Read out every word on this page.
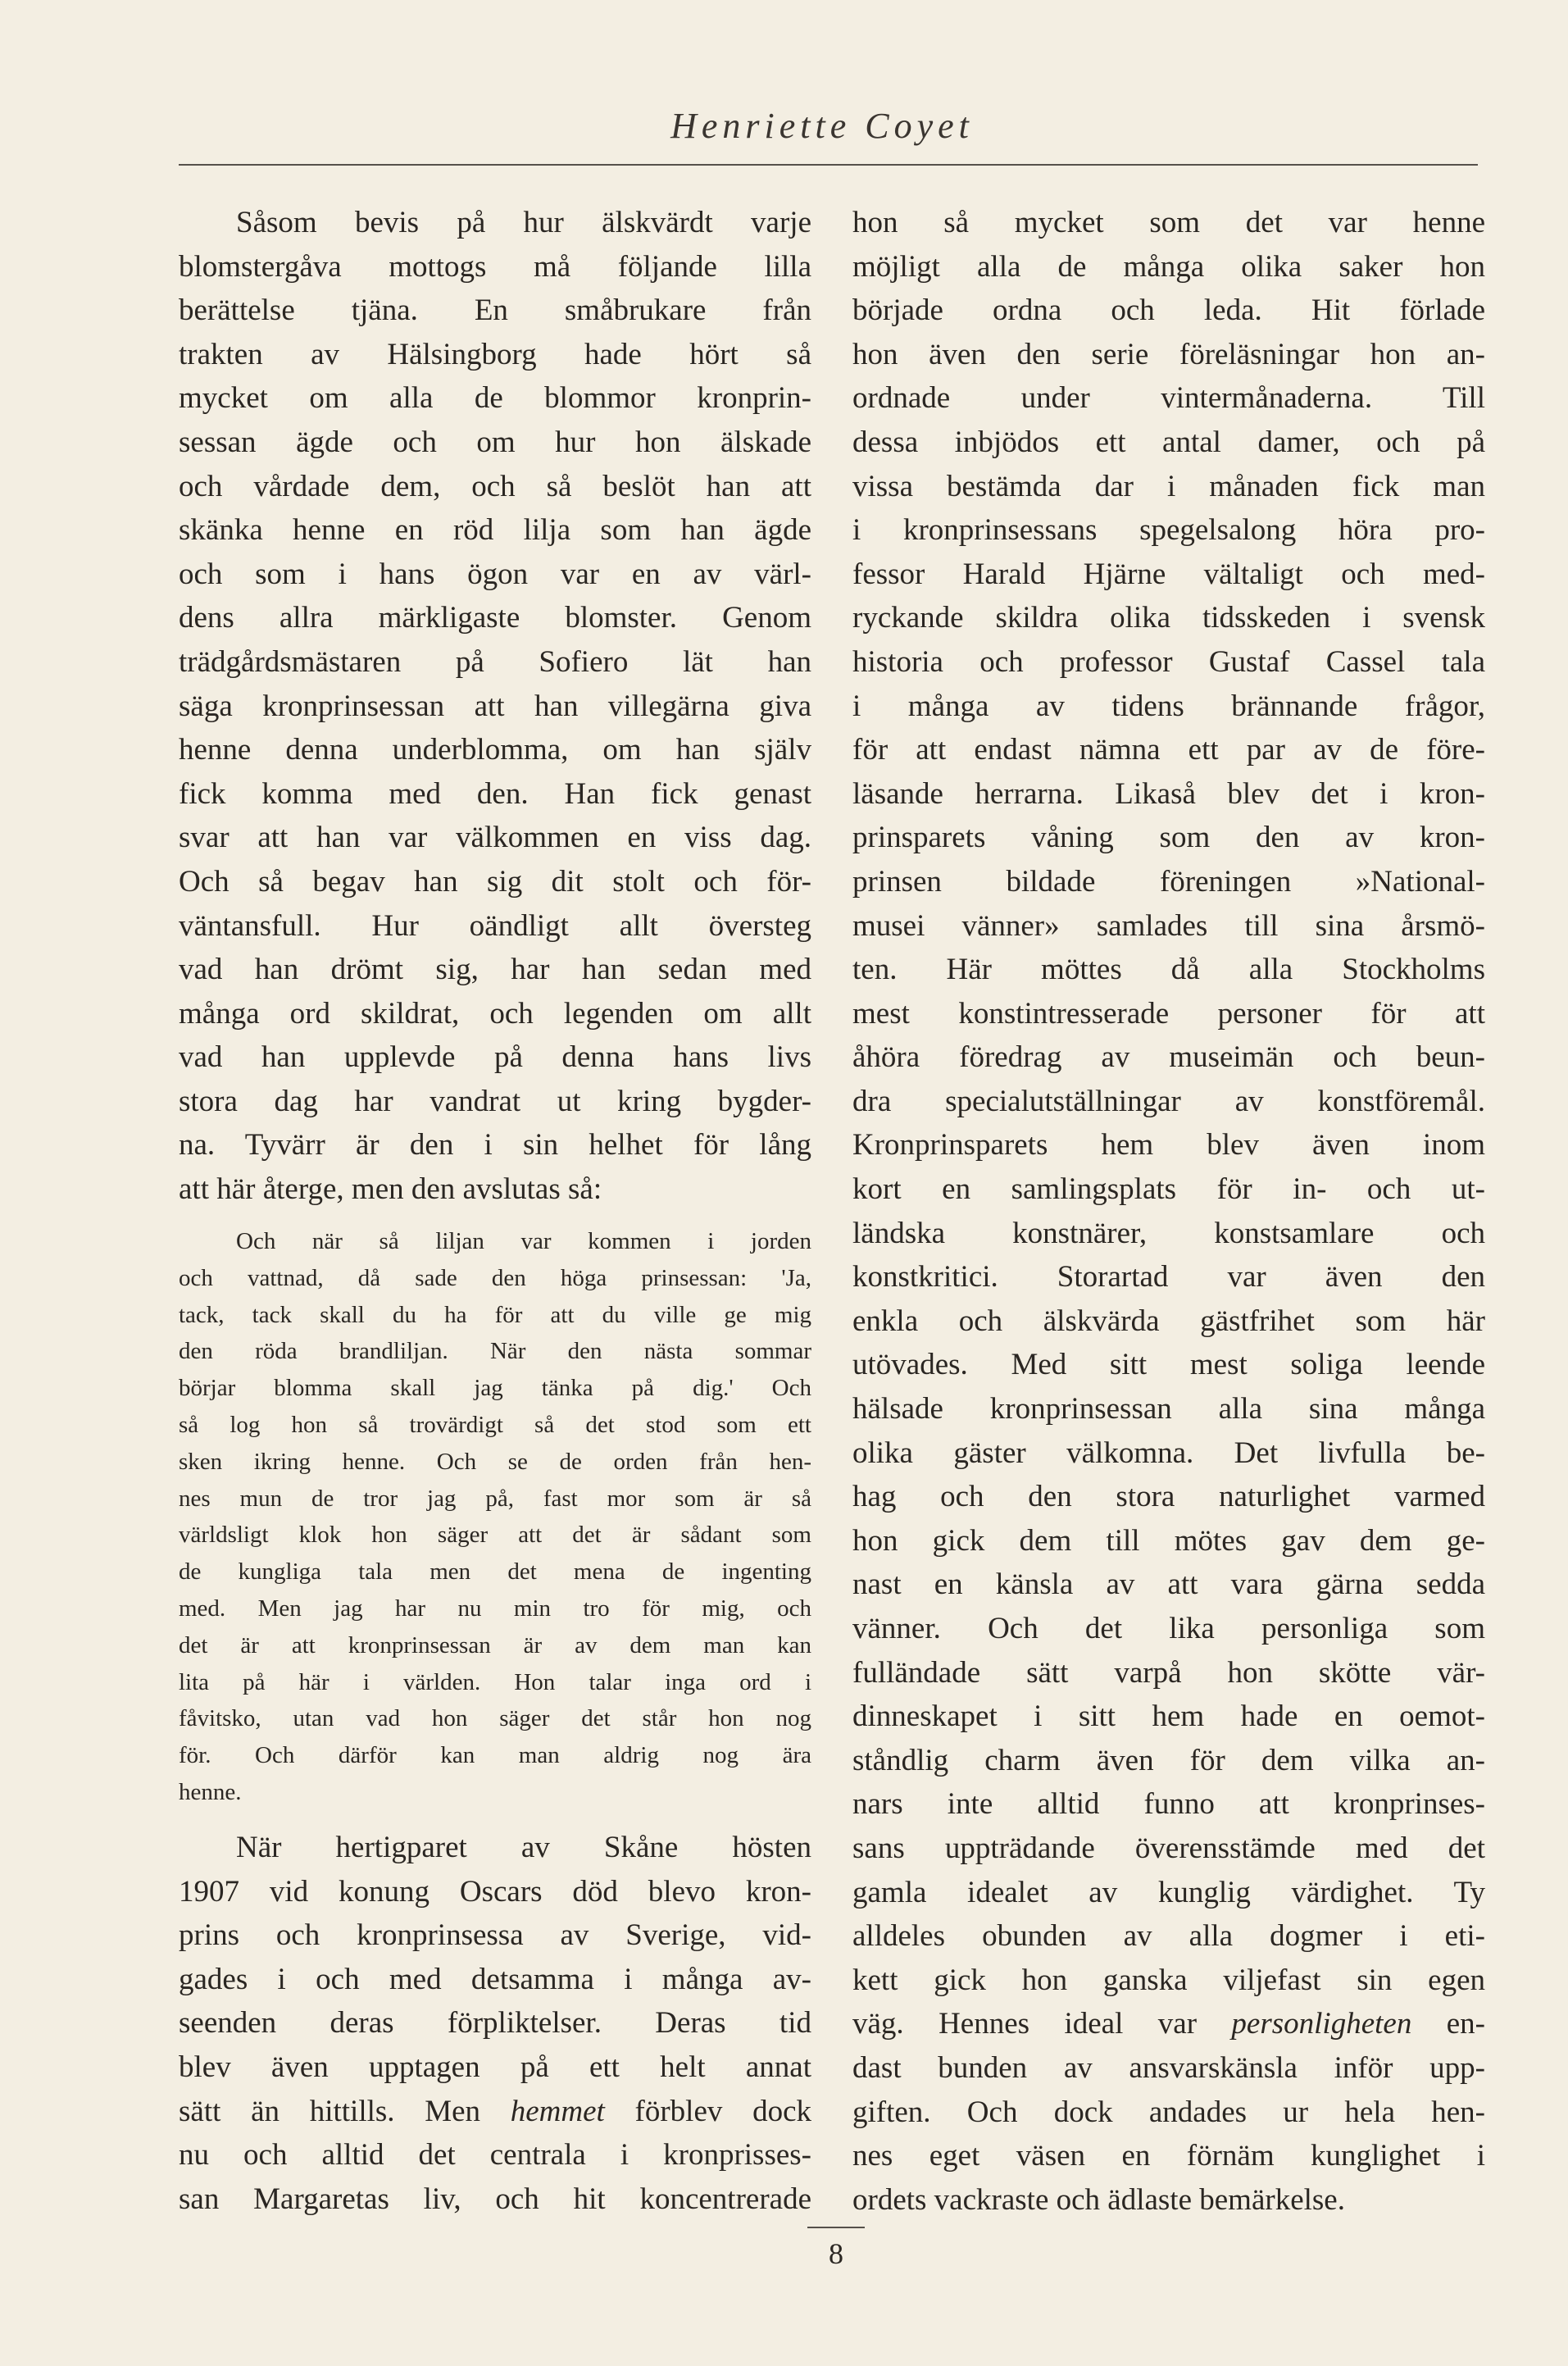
Henriette Coyet
Såsom bevis på hur älskvärdt varje
blomstergåva mottogs må följande lilla
berättelse tjäna. En småbrukare från
trakten av Hälsingborg hade hört så
mycket om alla de blommor kronprin-
sessan ägde och om hur hon älskade
och vårdade dem, och så beslöt han att
skänka henne en röd lilja som han ägde
och som i hans ögon var en av värl-
dens allra märkligaste blomster. Genom
trädgårdsmästaren på Sofiero lät han
säga kronprinsessan att han villegärna giva
henne denna underblomma, om han själv
fick komma med den. Han fick genast
svar att han var välkommen en viss dag.
Och så begav han sig dit stolt och för-
väntansfull. Hur oändligt allt översteg
vad han drömt sig, har han sedan med
många ord skildrat, och legenden om allt
vad han upplevde på denna hans livs
stora dag har vandrat ut kring bygder-
na. Tyvärr är den i sin helhet för lång
att här återge, men den avslutas så:
Och när så liljan var kommen i jorden
och vattnad, då sade den höga prinsessan: 'Ja,
tack, tack skall du ha för att du ville ge mig
den röda brandliljan. När den nästa sommar
börjar blomma skall jag tänka på dig.' Och
så log hon så trovärdigt så det stod som ett
sken ikring henne. Och se de orden från hen-
nes mun de tror jag på, fast mor som är så
världsligt klok hon säger att det är sådant som
de kungliga tala men det mena de ingenting
med. Men jag har nu min tro för mig, och
det är att kronprinsessan är av dem man kan
lita på här i världen. Hon talar inga ord i
fåvitsko, utan vad hon säger det står hon nog
för. Och därför kan man aldrig nog ära
henne.
När hertigparet av Skåne hösten
1907 vid konung Oscars död blevo kron-
prins och kronprinsessa av Sverige, vid-
gades i och med detsamma i många av-
seenden deras förpliktelser. Deras tid
blev även upptagen på ett helt annat
sätt än hittills. Men hemmet förblev dock
nu och alltid det centrala i kronprisses-
san Margaretas liv, och hit koncentrerade
hon så mycket som det var henne
möjligt alla de många olika saker hon
började ordna och leda. Hit förlade
hon även den serie föreläsningar hon an-
ordnade under vintermånaderna. Till
dessa inbjödos ett antal damer, och på
vissa bestämda dar i månaden fick man
i kronprinsessans spegelsalong höra pro-
fessor Harald Hjärne vältaligt och med-
ryckande skildra olika tidsskeden i svensk
historia och professor Gustaf Cassel tala
i många av tidens brännande frågor,
för att endast nämna ett par av de före-
läsande herrarna. Likaså blev det i kron-
prinsparets våning som den av kron-
prinsen bildade föreningen »National-
musei vänner» samlades till sina årsmö-
ten. Här möttes då alla Stockholms
mest konstintresserade personer för att
åhöra föredrag av museimän och beun-
dra specialutställningar av konstföremål.
Kronprinsparets hem blev även inom
kort en samlingsplats för in- och ut-
ländska konstnärer, konstsamlare och
konstkritici. Storartad var även den
enkla och älskvärda gästfrihet som här
utövades. Med sitt mest soliga leende
hälsade kronprinsessan alla sina många
olika gäster välkomna. Det livfulla be-
hag och den stora naturlighet varmed
hon gick dem till mötes gav dem ge-
nast en känsla av att vara gärna sedda
vänner. Och det lika personliga som
fulländade sätt varpå hon skötte vär-
dinneskapet i sitt hem hade en oemot-
ståndlig charm även för dem vilka an-
nars inte alltid funno att kronprinses-
sans uppträdande överensstämde med det
gamla idealet av kunglig värdighet. Ty
alldeles obunden av alla dogmer i eti-
kett gick hon ganska viljefast sin egen
väg. Hennes ideal var personligheten en-
dast bunden av ansvarskänsla inför upp-
giften. Och dock andades ur hela hen-
nes eget väsen en förnäm kunglighet i
ordets vackraste och ädlaste bemärkelse.
8
